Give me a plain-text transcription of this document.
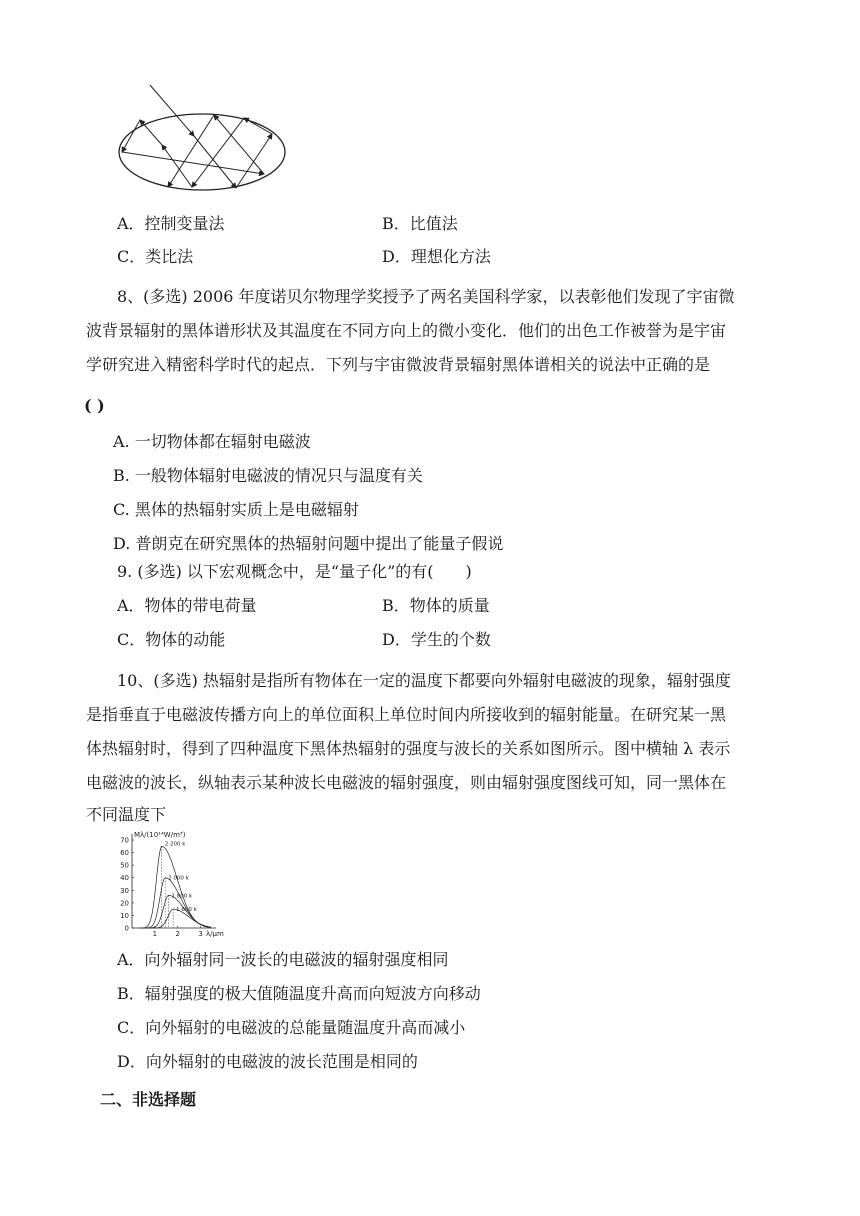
A．控制变量法	B．比值法
C．类比法	D．理想化方法
8、(多选) 2006 年度诺贝尔物理学奖授予了两名美国科学家，以表彰他们发现了宇宙微
波背景辐射的黑体谱形状及其温度在不同方向上的微小变化．他们的出色工作被誉为是宇宙
学研究进入精密科学时代的起点．下列与宇宙微波背景辐射黑体谱相关的说法中正确的是
( )
A. 一切物体都在辐射电磁波
B. 一般物体辐射电磁波的情况只与温度有关
C. 黑体的热辐射实质上是电磁辐射
D. 普朗克在研究黑体的热辐射问题中提出了能量子假说
9. (多选) 以下宏观概念中，是“量子化”的有(　　)
A．物体的带电荷量	B．物体的质量
C．物体的动能	D．学生的个数
10、(多选) 热辐射是指所有物体在一定的温度下都要向外辐射电磁波的现象，辐射强度
是指垂直于电磁波传播方向上的单位面积上单位时间内所接收到的辐射能量。在研究某一黑
体热辐射时，得到了四种温度下黑体热辐射的强度与波长的关系如图所示。图中横轴 λ 表示
电磁波的波长，纵轴表示某种波长电磁波的辐射强度，则由辐射强度图线可知，同一黑体在
不同温度下
0
10
20
30
40
50
60
70
1	2	3
Mλ/(10¹⁴W/m³)
λ/μm
2 200 k
2 000 k
1 800 k
1 600 k
A．向外辐射同一波长的电磁波的辐射强度相同
B．辐射强度的极大值随温度升高而向短波方向移动
C．向外辐射的电磁波的总能量随温度升高而减小
D．向外辐射的电磁波的波长范围是相同的
二、非选择题
